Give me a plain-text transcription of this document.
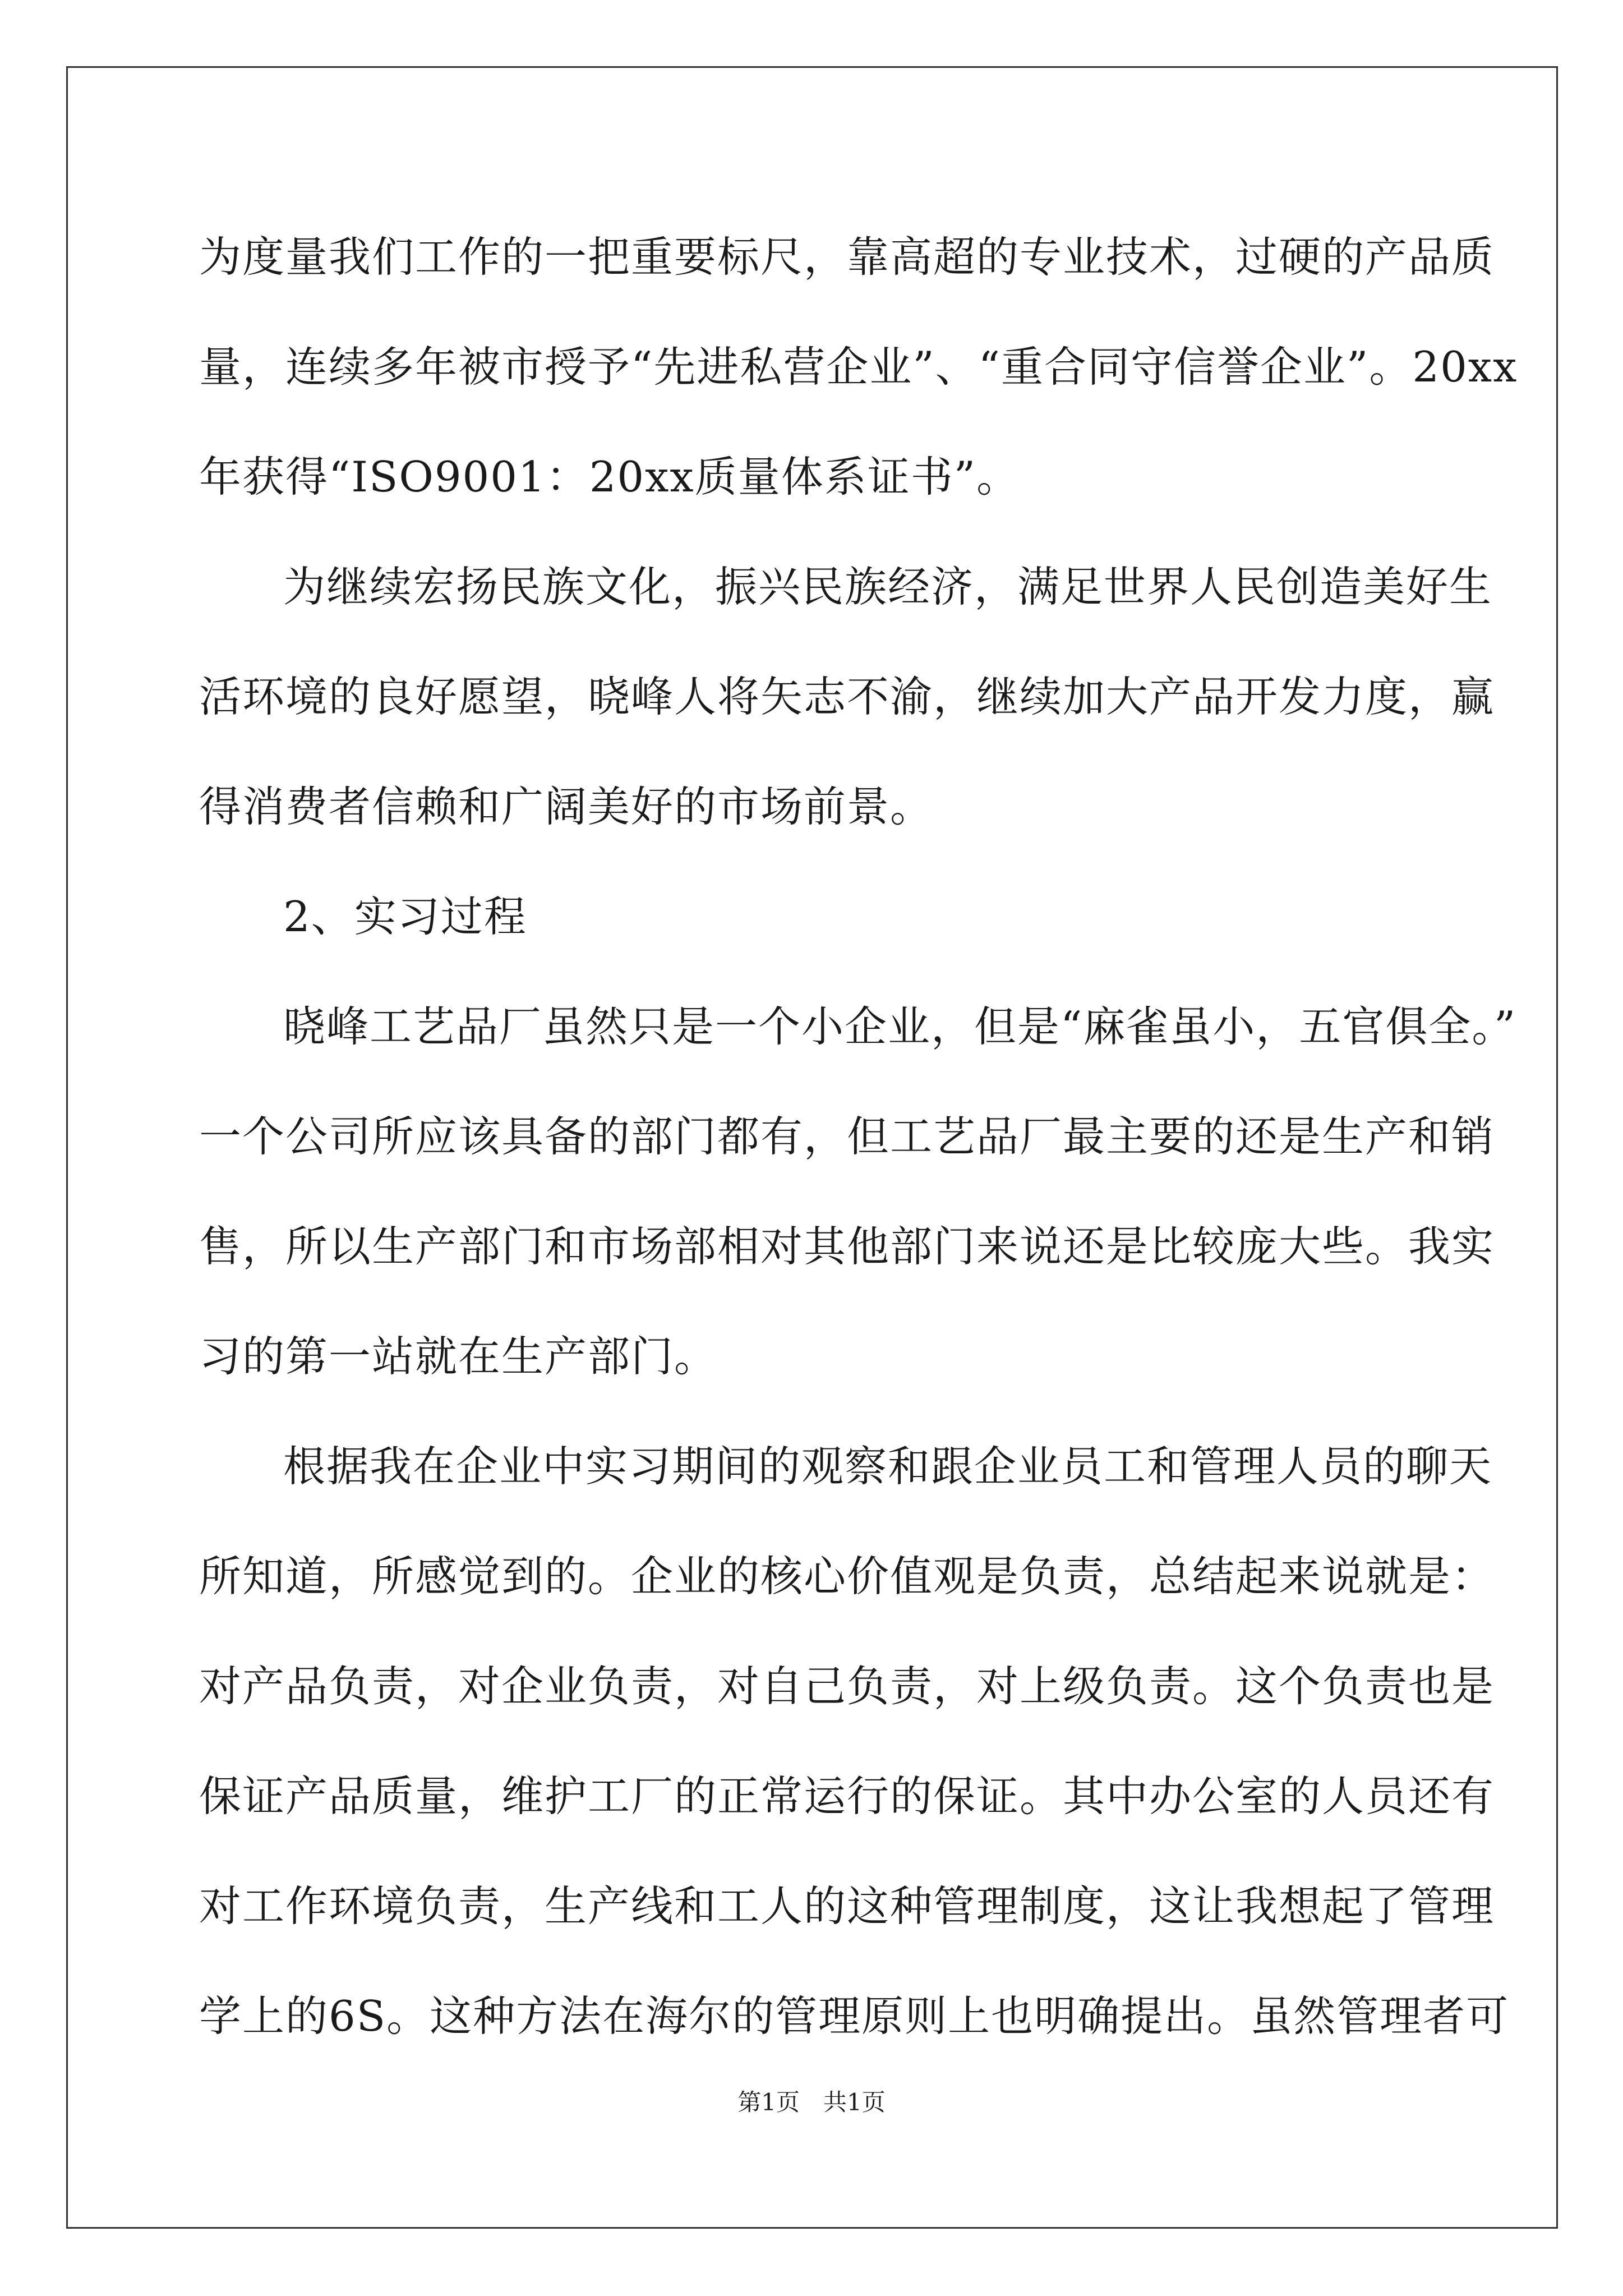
为度量我们工作的一把重要标尺，靠高超的专业技术，过硬的产品质
量，连续多年被市授予“先进私营企业”、“重合同守信誉企业”。20xx
年获得“ISO9001：20xx质量体系证书”。
为继续宏扬民族文化，振兴民族经济，满足世界人民创造美好生
活环境的良好愿望，晓峰人将矢志不渝，继续加大产品开发力度，赢
得消费者信赖和广阔美好的市场前景。
2、实习过程
晓峰工艺品厂虽然只是一个小企业，但是“麻雀虽小，五官俱全。”
一个公司所应该具备的部门都有，但工艺品厂最主要的还是生产和销
售，所以生产部门和市场部相对其他部门来说还是比较庞大些。我实
习的第一站就在生产部门。
根据我在企业中实习期间的观察和跟企业员工和管理人员的聊天
所知道，所感觉到的。企业的核心价值观是负责，总结起来说就是：
对产品负责，对企业负责，对自己负责，对上级负责。这个负责也是
保证产品质量，维护工厂的正常运行的保证。其中办公室的人员还有
对工作环境负责，生产线和工人的这种管理制度，这让我想起了管理
学上的6S。这种方法在海尔的管理原则上也明确提出。虽然管理者可
第1页　共1页
